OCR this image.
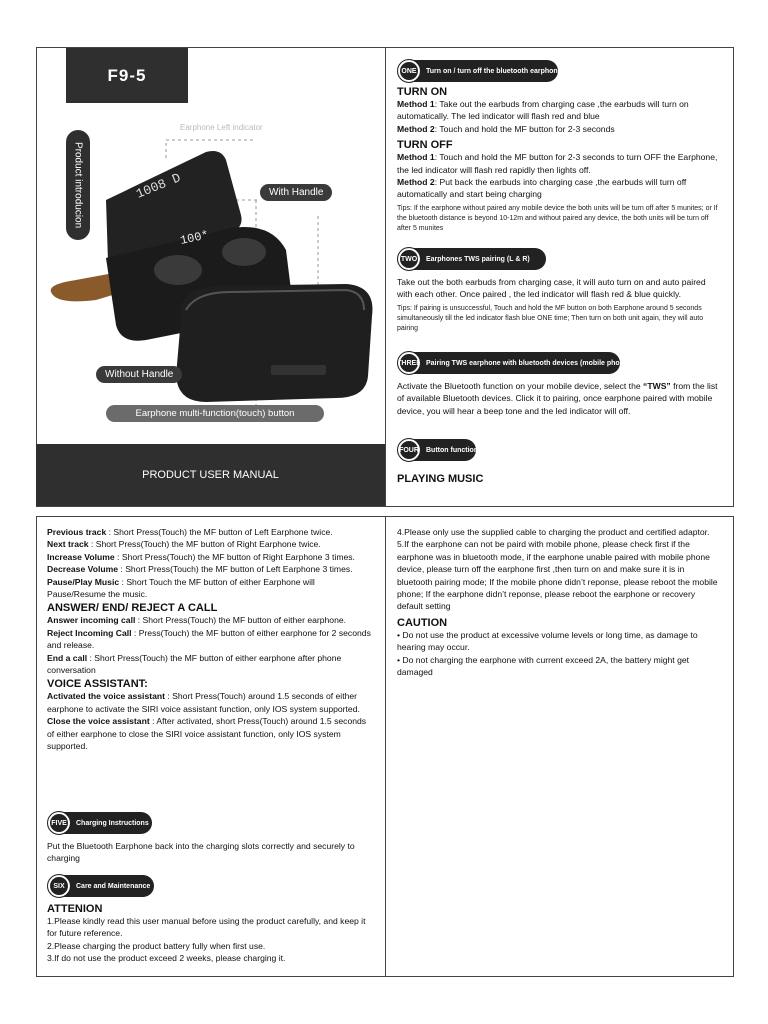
F9-5
Product introducion
Earphone Left indicator
1008 D
100*
With Handle
Without Handle
Earphone multi-function(touch) button
PRODUCT USER MANUAL
ONE	Turn on / turn off the bluetooth earphones
TURN ON
Method 1: Take out the earbuds from charging case ,the earbuds will turn on automatically. The led indicator will flash red and blue
Method 2: Touch and hold the MF button for 2-3 seconds
TURN OFF
Method 1: Touch and hold the MF button for 2-3 seconds to turn OFF the Earphone, the led indicator will flash red rapidly then lights off.
Method 2: Put back the earbuds into charging case ,the earbuds will turn off automatically and start being charging
Tips: If the earphone without paired any mobile device the both units will be turn off after 5 munites; or If the bluetooth distance is beyond 10-12m and without paired any device, the both units will be turn off after 5 munites
TWO	Earphones TWS pairing (L & R)
Take out the both earbuds from charging case, it will auto turn on and auto paired with each other. Once paired , the led indicator will flash red & blue quickly.
Tips: If pairing is unsuccessful, Touch and hold the MF button on both Earphone around 5 seconds simultaneously till the led indicator flash blue ONE time; Then turn on both unit again, they will auto pairing
THREE Pairing TWS earphone with bluetooth devices (mobile phone)
Activate the Bluetooth function on your mobile device, select the “TWS” from the list of available Bluetooth devices. Click it to pairing, once earphone paired with mobile device, you will hear a beep tone and the led indicator will off.
FOUR Button function
PLAYING MUSIC
Previous track : Short Press(Touch) the MF button of Left Earphone twice.
Next track : Short Press(Touch) the MF button of Right Earphone twice.
Increase Volume : Short Press(Touch) the MF button of Right Earphone 3 times.
Decrease Volume : Short Press(Touch) the MF button of Left Earphone 3 times.
Pause/Play Music : Short Touch the MF button of either Earphone will Pause/Resume the music.
ANSWER/ END/ REJECT A CALL
Answer incoming call : Short Press(Touch) the MF button of either earphone.
Reject Incoming Call : Press(Touch) the MF button of either earphone for 2 seconds and release.
End a call : Short Press(Touch) the MF button of either earphone after phone conversation
VOICE ASSISTANT:
Activated the voice assistant : Short Press(Touch) around 1.5 seconds of either earphone to activate the SIRI voice assistant function, only IOS system supported.
Close the voice assistant : After activated, short Press(Touch) around 1.5 seconds of either earphone to close the SIRI voice assistant function, only IOS system supported.
FIVE	Charging Instructions
Put the Bluetooth Earphone back into the charging slots correctly and securely to charging
SIX	Care and Maintenance
ATTENION
1.Please kindly read this user manual before using the product carefully, and keep it for future reference.
2.Please charging the product battery fully when first use.
3.If do not use the product exceed 2 weeks, please charging it.
4.Please only use the supplied cable to charging the product and certified adaptor.
5.If the earphone can not be paird with mobile phone, please check first if the earphone was in bluetooth mode, if the earphone unable paired with mobile phone device, please turn off the earphone first ,then turn on and make sure it is in bluetooth pairing mode; If the mobile phone didn’t reponse, please reboot the mobile phone; If the earphone didn’t reponse, please reboot the earphone or recovery default setting
CAUTION
• Do not use the product at excessive volume levels or long time, as damage to hearing may occur.
• Do not charging the earphone with current exceed 2A, the battery might get damaged
